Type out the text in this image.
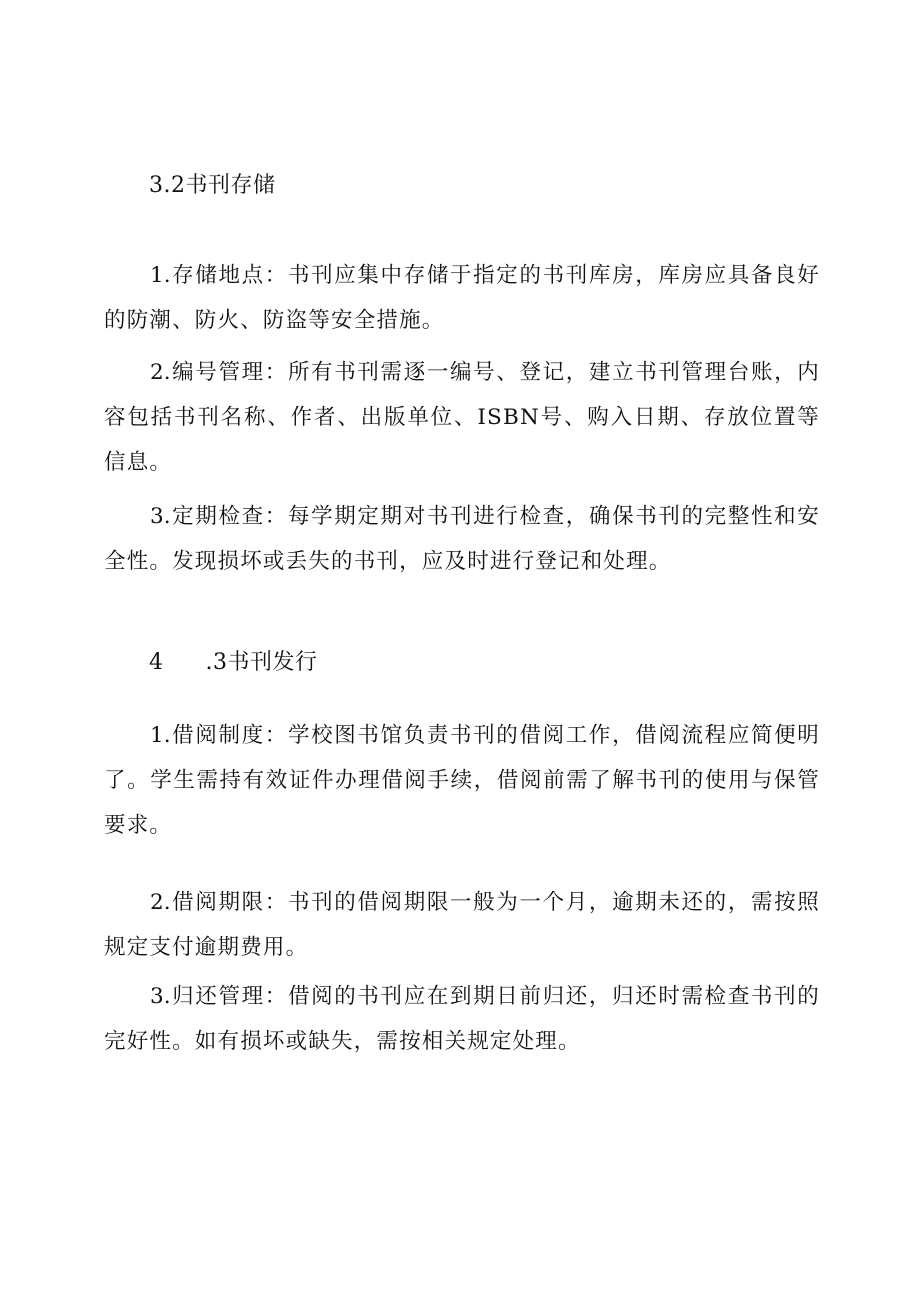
3.2书刊存储
1.存储地点：书刊应集中存储于指定的书刊库房，库房应具备良好的防潮、防火、防盗等安全措施。
2.编号管理：所有书刊需逐一编号、登记，建立书刊管理台账，内容包括书刊名称、作者、出版单位、ISBN号、购入日期、存放位置等信息。
3.定期检查：每学期定期对书刊进行检查，确保书刊的完整性和安全性。发现损坏或丢失的书刊，应及时进行登记和处理。
4 .3书刊发行
1.借阅制度：学校图书馆负责书刊的借阅工作，借阅流程应简便明了。学生需持有效证件办理借阅手续，借阅前需了解书刊的使用与保管要求。
2.借阅期限：书刊的借阅期限一般为一个月，逾期未还的，需按照规定支付逾期费用。
3.归还管理：借阅的书刊应在到期日前归还，归还时需检查书刊的完好性。如有损坏或缺失，需按相关规定处理。
